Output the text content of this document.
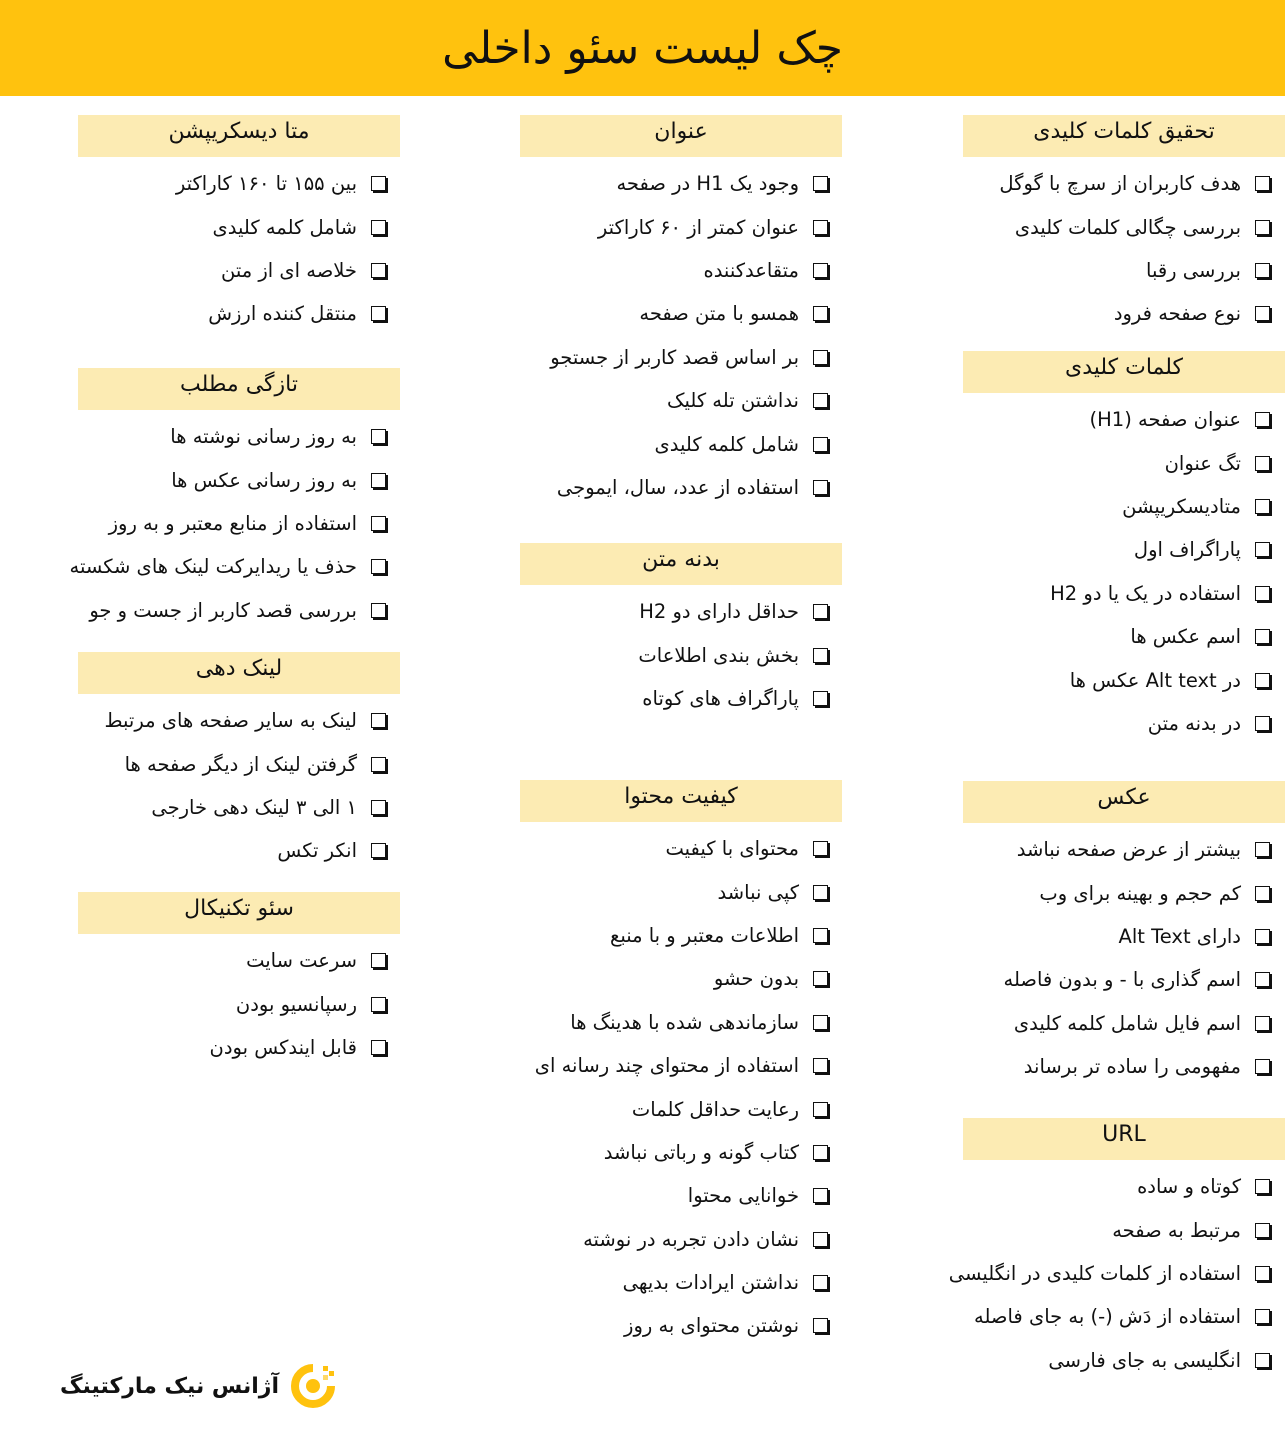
چک لیست سئو داخلی
تحقیق کلمات کلیدی
هدف کاربران از سرچ با گوگل
بررسی چگالی کلمات کلیدی
بررسی رقبا
نوع صفحه فرود
کلمات کلیدی
عنوان صفحه (H1)
تگ عنوان
متادیسکریپشن
پاراگراف اول
استفاده در یک یا دو H2
اسم عکس ها
در Alt text عکس ها
در بدنه متن
عکس
بیشتر از عرض صفحه نباشد
کم حجم و بهینه برای وب
دارای Alt Text
اسم گذاری با - و بدون فاصله
اسم فایل شامل کلمه کلیدی
مفهومی را ساده تر برساند
URL
کوتاه و ساده
مرتبط به صفحه
استفاده از کلمات کلیدی در انگلیسی
استفاده از دَش (-) به جای فاصله
انگلیسی به جای فارسی
عنوان
وجود یک H1 در صفحه
عنوان کمتر از ۶۰ کاراکتر
متقاعدکننده
همسو با متن صفحه
بر اساس قصد کاربر از جستجو
نداشتن تله کلیک
شامل کلمه کلیدی
استفاده از عدد، سال، ایموجی
بدنه متن
حداقل دارای دو H2
بخش بندی اطلاعات
پاراگراف های کوتاه
کیفیت محتوا
محتوای با کیفیت
کپی نباشد
اطلاعات معتبر و با منبع
بدون حشو
سازماندهی شده با هدینگ ها
استفاده از محتوای چند رسانه ای
رعایت حداقل کلمات
کتاب گونه و رباتی نباشد
خوانایی محتوا
نشان دادن تجربه در نوشته
نداشتن ایرادات بدیهی
نوشتن محتوای به روز
متا دیسکریپشن
بین ۱۵۵ تا ۱۶۰ کاراکتر
شامل کلمه کلیدی
خلاصه ای از متن
منتقل کننده ارزش
تازگی مطلب
به روز رسانی نوشته ها
به روز رسانی عکس ها
استفاده از منابع معتبر و به روز
حذف یا ریدایرکت لینک های شکسته
بررسی قصد کاربر از جست و جو
لینک دهی
لینک به سایر صفحه های مرتبط
گرفتن لینک از دیگر صفحه ها
۱ الی ۳ لینک دهی خارجی
انکر تکس
سئو تکنیکال
سرعت سایت
رسپانسیو بودن
قابل ایندکس بودن
آژانس نیک مارکتینگ
